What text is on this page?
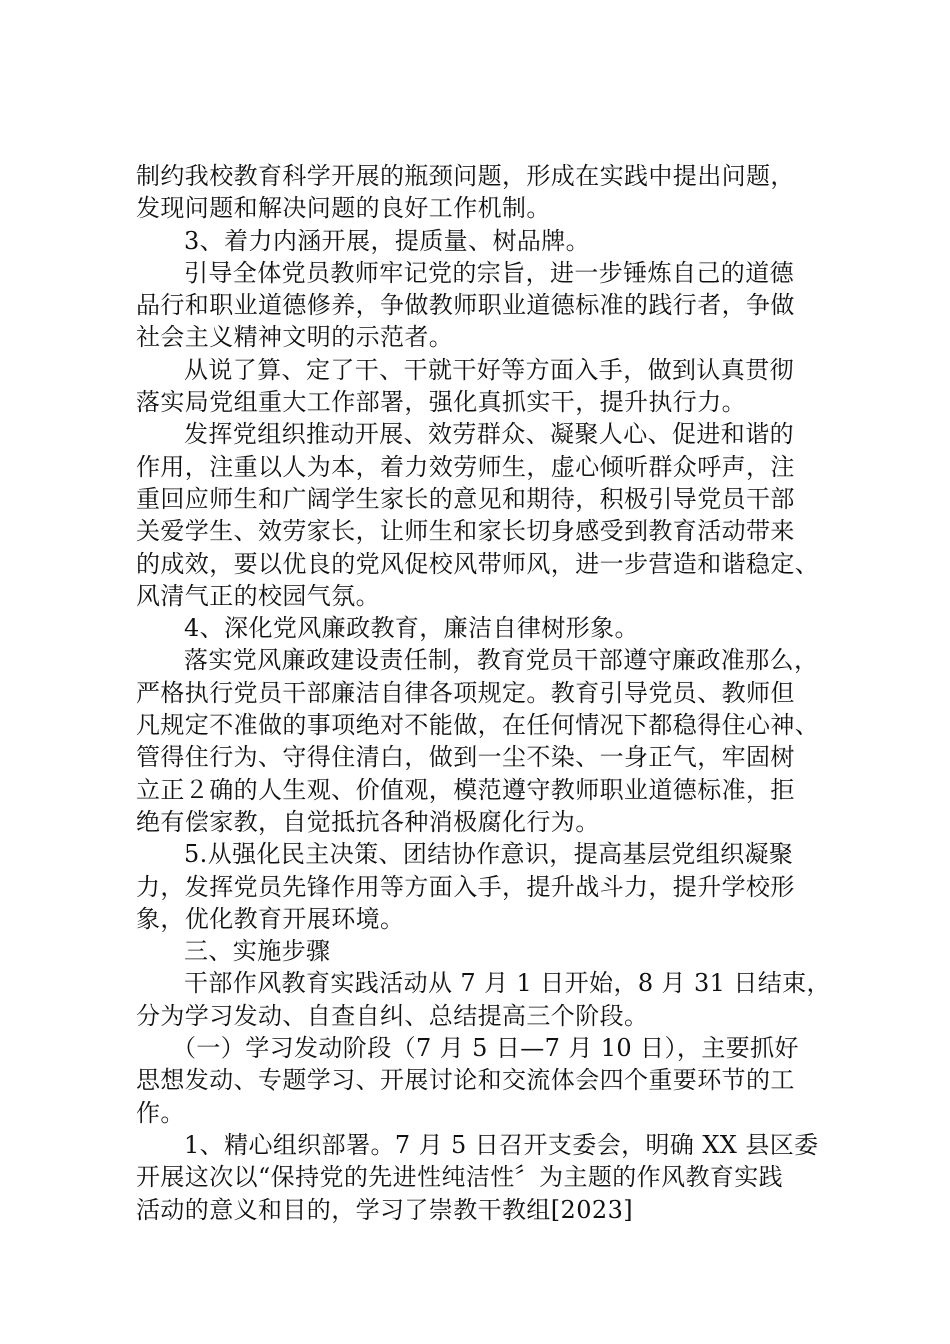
制约我校教育科学开展的瓶颈问题，形成在实践中提出问题，
发现问题和解决问题的良好工作机制。
3、着力内涵开展，提质量、树品牌。
引导全体党员教师牢记党的宗旨，进一步锤炼自己的道德
品行和职业道德修养，争做教师职业道德标准的践行者，争做
社会主义精神文明的示范者。
从说了算、定了干、干就干好等方面入手，做到认真贯彻
落实局党组重大工作部署，强化真抓实干，提升执行力。
发挥党组织推动开展、效劳群众、凝聚人心、促进和谐的
作用，注重以人为本，着力效劳师生，虚心倾听群众呼声，注
重回应师生和广阔学生家长的意见和期待，积极引导党员干部
关爱学生、效劳家长，让师生和家长切身感受到教育活动带来
的成效，要以优良的党风促校风带师风，进一步营造和谐稳定、
风清气正的校园气氛。
4、深化党风廉政教育，廉洁自律树形象。
落实党风廉政建设责任制，教育党员干部遵守廉政准那么，
严格执行党员干部廉洁自律各项规定。教育引导党员、教师但
凡规定不准做的事项绝对不能做，在任何情况下都稳得住心神、
管得住行为、守得住清白，做到一尘不染、一身正气，牢固树
立正２确的人生观、价值观，模范遵守教师职业道德标准，拒
绝有偿家教，自觉抵抗各种消极腐化行为。
5.从强化民主决策、团结协作意识，提高基层党组织凝聚
力，发挥党员先锋作用等方面入手，提升战斗力，提升学校形
象，优化教育开展环境。
三、实施步骤
干部作风教育实践活动从 7 月 1 日开始，8 月 31 日结束，
分为学习发动、自查自纠、总结提高三个阶段。
（一）学习发动阶段（7 月 5 日—7 月 10 日），主要抓好
思想发动、专题学习、开展讨论和交流体会四个重要环节的工
作。
1、精心组织部署。7 月 5 日召开支委会，明确 XX 县区委
开展这次以“保持党的先进性纯洁性〞为主题的作风教育实践
活动的意义和目的，学习了崇教干教组[2023]
